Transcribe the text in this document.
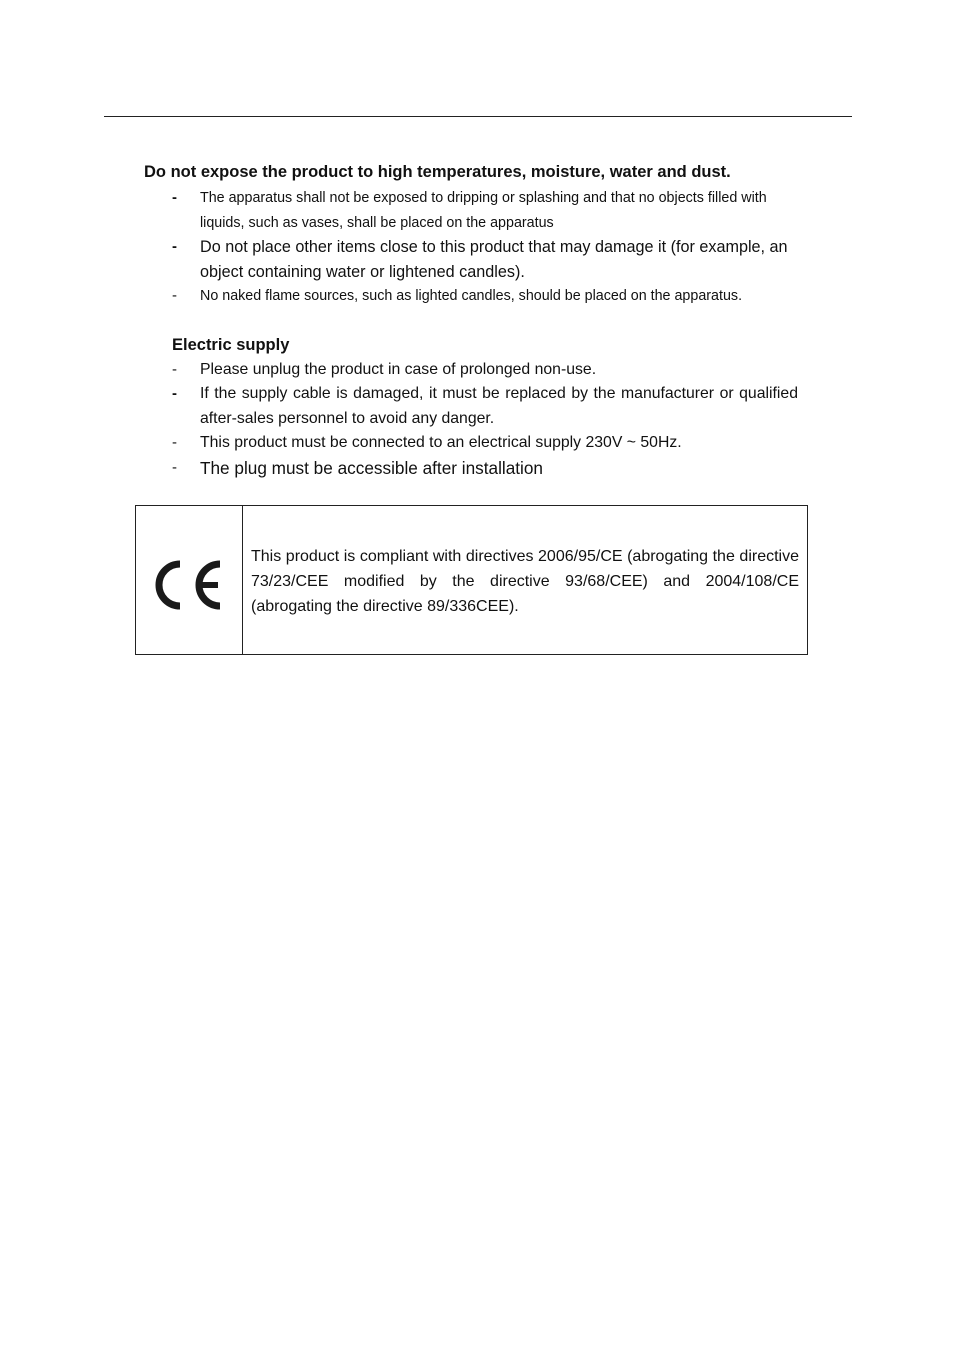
Do not expose the product to high temperatures, moisture, water and dust.
- The apparatus shall not be exposed to dripping or splashing and that no objects filled with liquids, such as vases, shall be placed on the apparatus
- Do not place other items close to this product that may damage it (for example, an object containing water or lightened candles).
- No naked flame sources, such as lighted candles, should be placed on the apparatus.
Electric supply
- Please unplug the product in case of prolonged non-use.
- If the supply cable is damaged, it must be replaced by the manufacturer or qualified after-sales personnel to avoid any danger.
- This product must be connected to an electrical supply 230V ~ 50Hz.
- The plug must be accessible after installation

This product is compliant with directives 2006/95/CE (abrogating the directive 73/23/CEE modified by the directive 93/68/CEE) and 2004/108/CE (abrogating the directive 89/336CEE).
